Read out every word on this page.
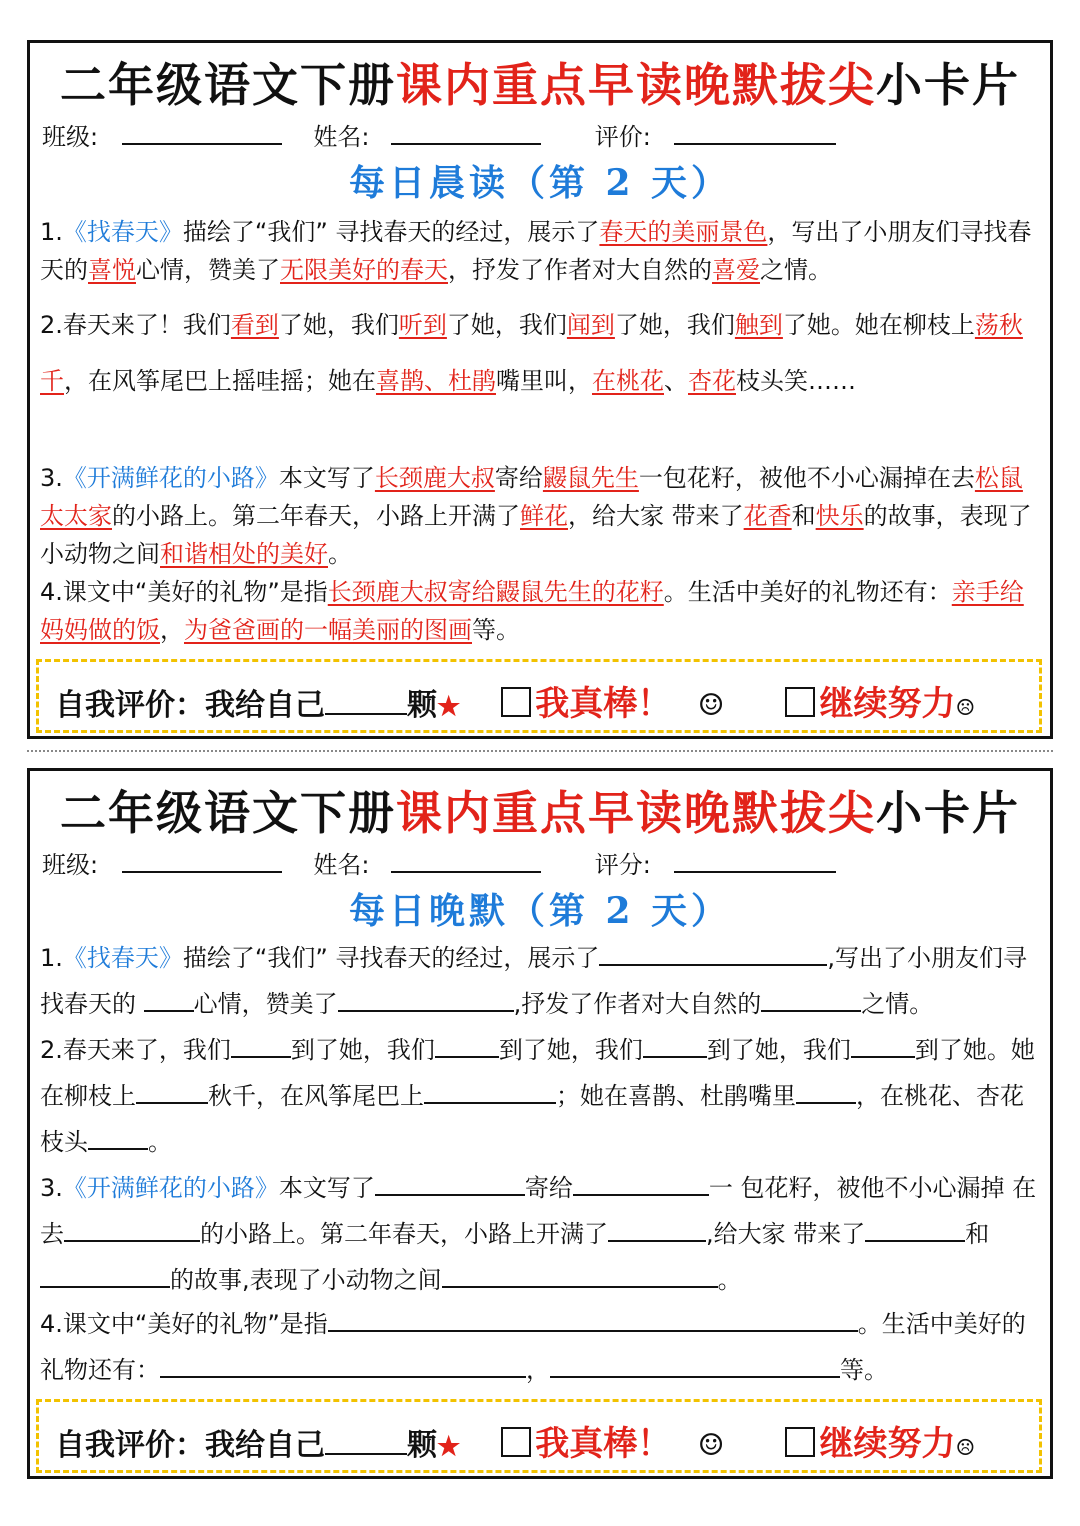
二年级语文下册课内重点早读晚默拔尖小卡片
班级:	姓名:	评价:
每日晨读（第 2 天）
1.《找春天》描绘了“我们” 寻找春天的经过，展示了春天的美丽景色，写出了小朋友们寻找春天的喜悦心情，赞美了无限美好的春天，抒发了作者对大自然的喜爱之情。
2.春天来了！我们看到了她，我们听到了她，我们闻到了她，我们触到了她。她在柳枝上荡秋千，在风筝尾巴上摇哇摇；她在喜鹊、杜鹃嘴里叫，在桃花、杏花枝头笑……
3.《开满鲜花的小路》本文写了长颈鹿大叔寄给鼹鼠先生一包花籽，被他不小心漏掉在去松鼠太太家的小路上。第二年春天，小路上开满了鲜花，给大家 带来了花香和快乐的故事，表现了小动物之间和谐相处的美好。
4.课文中“美好的礼物”是指长颈鹿大叔寄给鼹鼠先生的花籽。生活中美好的礼物还有：亲手给妈妈做的饭，为爸爸画的一幅美丽的图画等。
自我评价：我给自己	颗★ 我真棒！ ☺	继续努力☹
二年级语文下册课内重点早读晚默拔尖小卡片
班级:	姓名:	评分:
每日晚默（第 2 天）
1.《找春天》描绘了“我们” 寻找春天的经过，展示了	,写出了小朋友们寻找春天的 心情，赞美了	,抒发了作者对大自然的	之情。
2.春天来了，我们	到了她，我们	到了她，我们	到了她，我们	到了她。她在柳枝上	秋千，在风筝尾巴上	；她在喜鹊、杜鹃嘴里	，在桃花、杏花枝头	。
3.《开满鲜花的小路》本文写了	寄给	一 包花籽，被他不小心漏掉 在去	的小路上。第二年春天，小路上开满了	,给大家 带来了	和的故事,表现了小动物之间	。
4.课文中“美好的礼物”是指	。生活中美好的礼物还有：	，	等。
自我评价：我给自己	颗★ 我真棒！ ☺	继续努力☹
